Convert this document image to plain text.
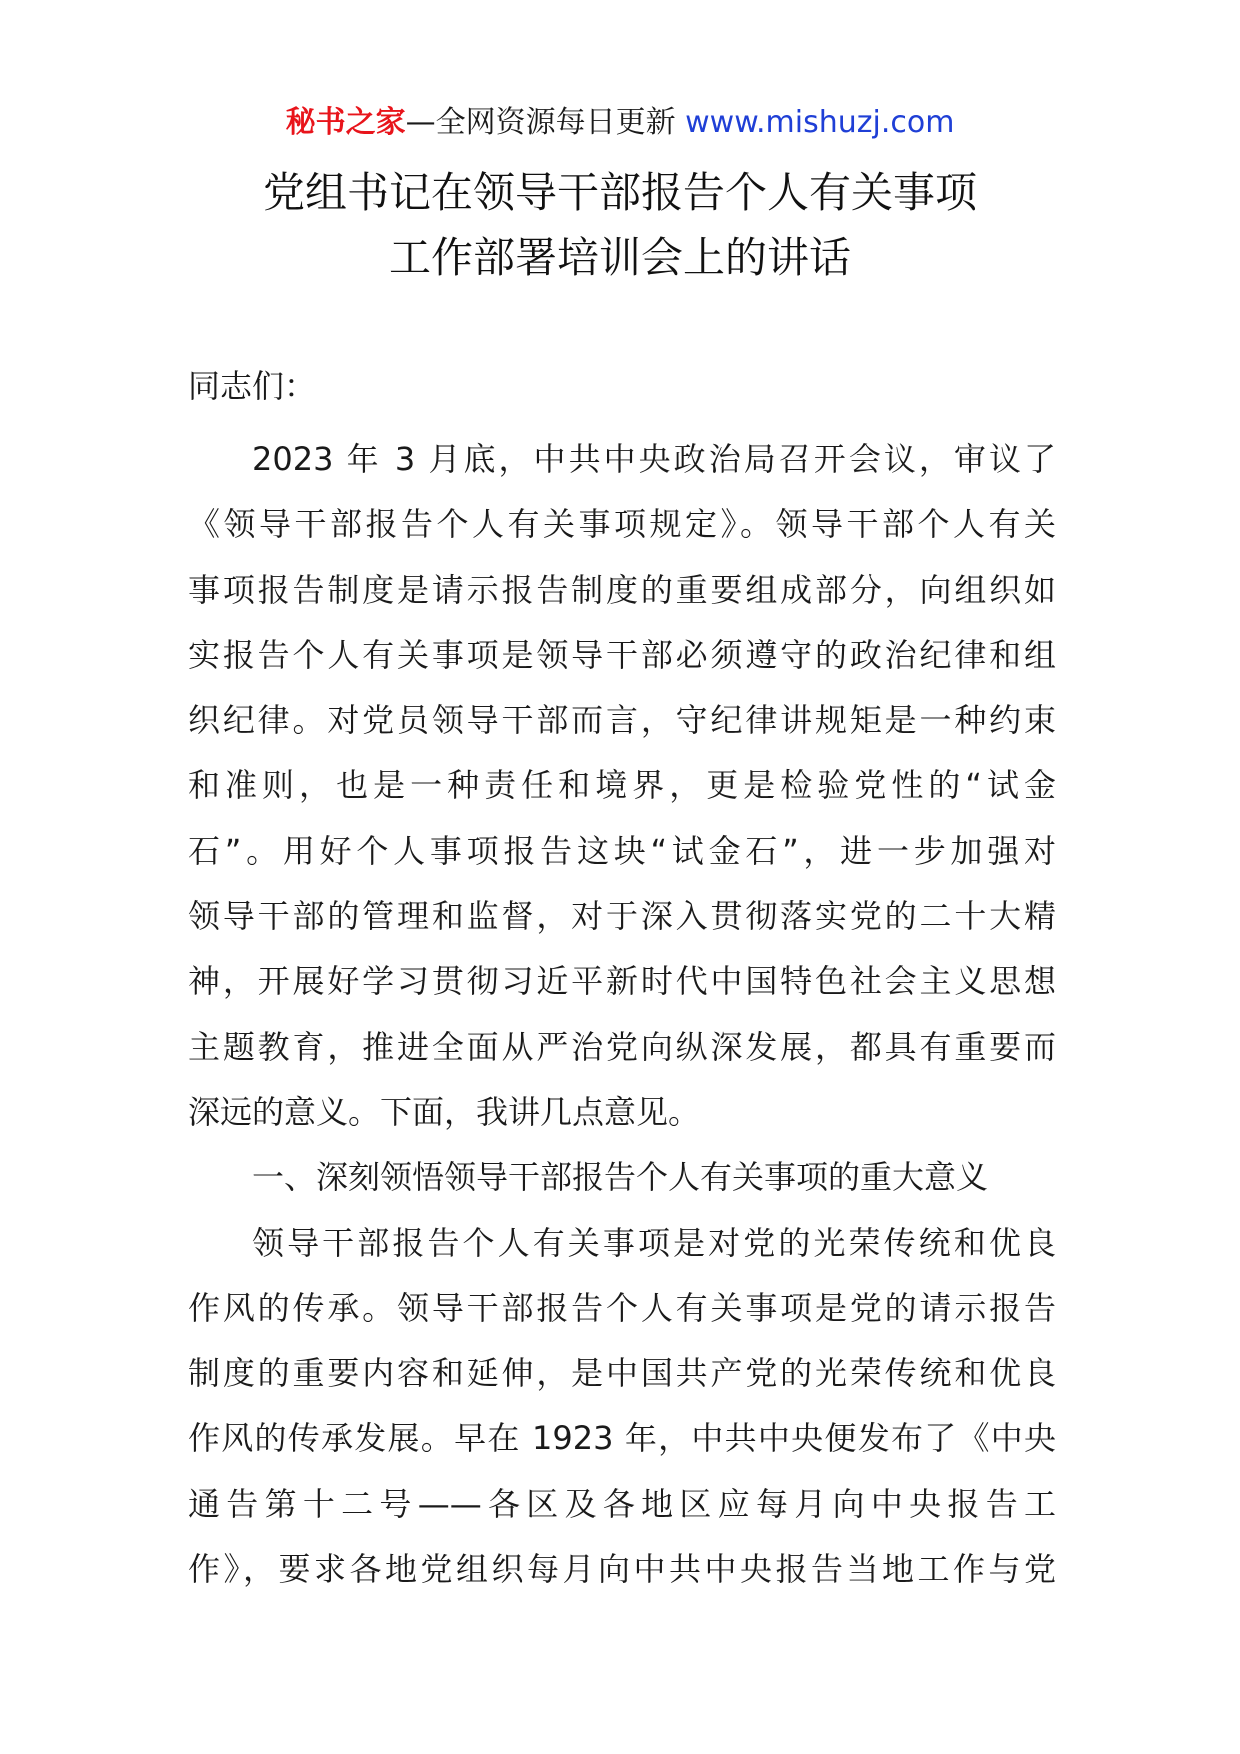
秘书之家—全网资源每日更新 www.mishuzj.com
党组书记在领导干部报告个人有关事项
工作部署培训会上的讲话
同志们：
2023 年 3 月底，中共中央政治局召开会议，审议了
《领导干部报告个人有关事项规定》。领导干部个人有关
事项报告制度是请示报告制度的重要组成部分，向组织如
实报告个人有关事项是领导干部必须遵守的政治纪律和组
织纪律。对党员领导干部而言，守纪律讲规矩是一种约束
和准则，也是一种责任和境界，更是检验党性的“试金
石”。用好个人事项报告这块“试金石”，进一步加强对
领导干部的管理和监督，对于深入贯彻落实党的二十大精
神，开展好学习贯彻习近平新时代中国特色社会主义思想
主题教育，推进全面从严治党向纵深发展，都具有重要而
深远的意义。下面，我讲几点意见。
一、深刻领悟领导干部报告个人有关事项的重大意义
领导干部报告个人有关事项是对党的光荣传统和优良
作风的传承。领导干部报告个人有关事项是党的请示报告
制度的重要内容和延伸，是中国共产党的光荣传统和优良
作风的传承发展。早在 1923 年，中共中央便发布了《中央
通告第十二号——各区及各地区应每月向中央报告工
作》，要求各地党组织每月向中共中央报告当地工作与党
